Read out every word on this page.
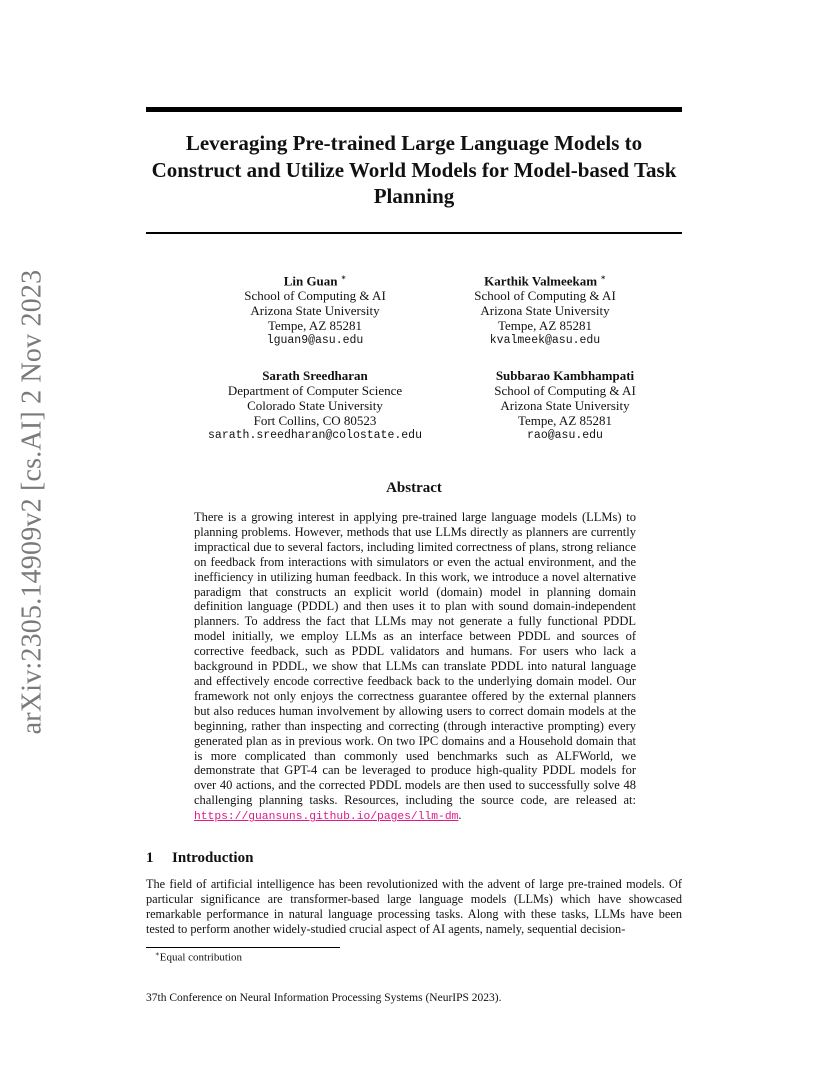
arXiv:2305.14909v2 [cs.AI] 2 Nov 2023
Leveraging Pre-trained Large Language Models to Construct and Utilize World Models for Model-based Task Planning
Lin Guan ∗
School of Computing & AI
Arizona State University
Tempe, AZ 85281
lguan9@asu.edu
Karthik Valmeekam ∗
School of Computing & AI
Arizona State University
Tempe, AZ 85281
kvalmeek@asu.edu
Sarath Sreedharan
Department of Computer Science
Colorado State University
Fort Collins, CO 80523
sarath.sreedharan@colostate.edu
Subbarao Kambhampati
School of Computing & AI
Arizona State University
Tempe, AZ 85281
rao@asu.edu
Abstract

There is a growing interest in applying pre-trained large language models (LLMs) to planning problems. However, methods that use LLMs directly as planners are currently impractical due to several factors, including limited correctness of plans, strong reliance on feedback from interactions with simulators or even the actual environment, and the inefficiency in utilizing human feedback. In this work, we introduce a novel alternative paradigm that constructs an explicit world (domain) model in planning domain definition language (PDDL) and then uses it to plan with sound domain-independent planners. To address the fact that LLMs may not generate a fully functional PDDL model initially, we employ LLMs as an interface between PDDL and sources of corrective feedback, such as PDDL validators and humans. For users who lack a background in PDDL, we show that LLMs can translate PDDL into natural language and effectively encode corrective feedback back to the underlying domain model. Our framework not only enjoys the correctness guarantee offered by the external planners but also reduces human involvement by allowing users to correct domain models at the beginning, rather than inspecting and correcting (through interactive prompting) every generated plan as in previous work. On two IPC domains and a Household domain that is more complicated than commonly used benchmarks such as ALFWorld, we demonstrate that GPT-4 can be leveraged to produce high-quality PDDL models for over 40 actions, and the corrected PDDL models are then used to successfully solve 48 challenging planning tasks. Resources, including the source code, are released at: https://guansuns.github.io/pages/llm-dm.

1 Introduction

The field of artificial intelligence has been revolutionized with the advent of large pre-trained models. Of particular significance are transformer-based large language models (LLMs) which have showcased remarkable performance in natural language processing tasks. Along with these tasks, LLMs have been tested to perform another widely-studied crucial aspect of AI agents, namely, sequential decision-

∗Equal contribution

37th Conference on Neural Information Processing Systems (NeurIPS 2023).
